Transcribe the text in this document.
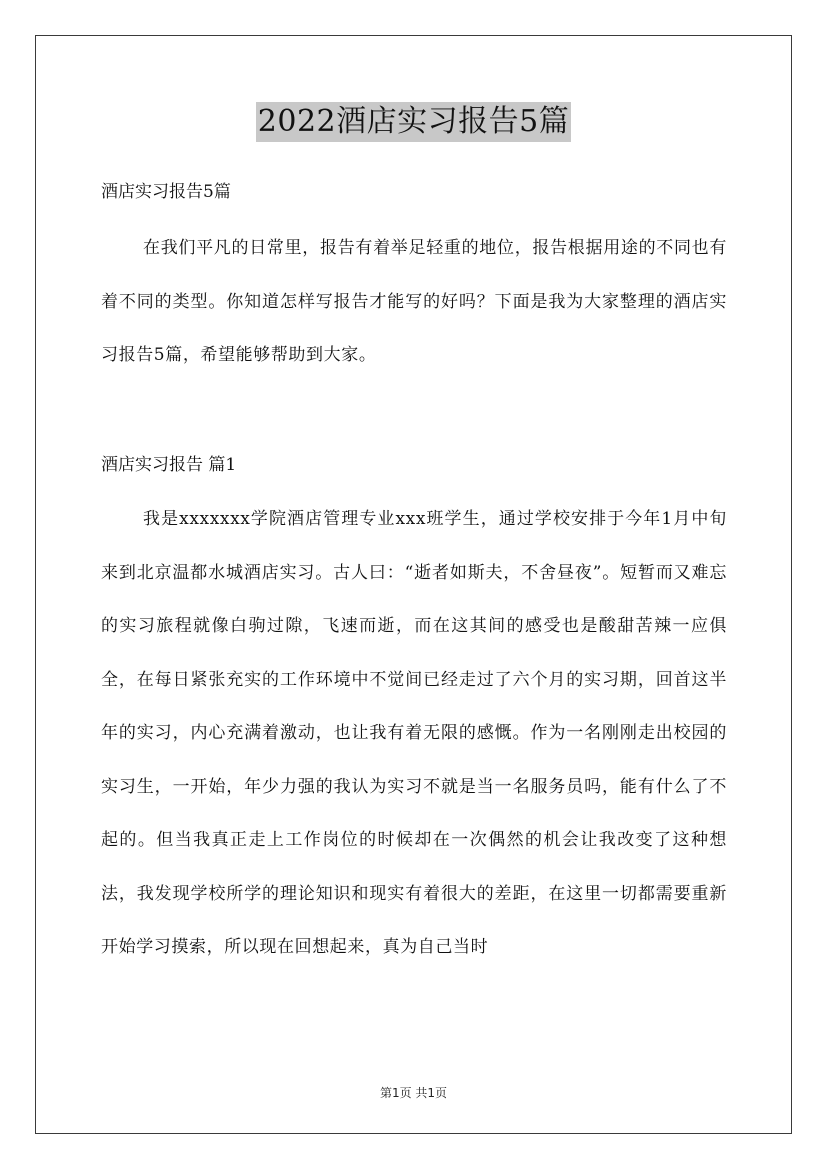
2022酒店实习报告5篇
酒店实习报告5篇
在我们平凡的日常里，报告有着举足轻重的地位，报告根据用途的不同也有着不同的类型。你知道怎样写报告才能写的好吗？下面是我为大家整理的酒店实习报告5篇，希望能够帮助到大家。
酒店实习报告 篇1
我是xxxxxxx学院酒店管理专业xxx班学生，通过学校安排于今年1月中旬来到北京温都水城酒店实习。古人曰：“逝者如斯夫，不舍昼夜”。短暂而又难忘的实习旅程就像白驹过隙，飞速而逝，而在这其间的感受也是酸甜苦辣一应俱全，在每日紧张充实的工作环境中不觉间已经走过了六个月的实习期，回首这半年的实习，内心充满着激动，也让我有着无限的感慨。作为一名刚刚走出校园的实习生，一开始，年少力强的我认为实习不就是当一名服务员吗，能有什么了不起的。但当我真正走上工作岗位的时候却在一次偶然的机会让我改变了这种想法，我发现学校所学的理论知识和现实有着很大的差距，在这里一切都需要重新开始学习摸索，所以现在回想起来，真为自己当时
第1页 共1页
